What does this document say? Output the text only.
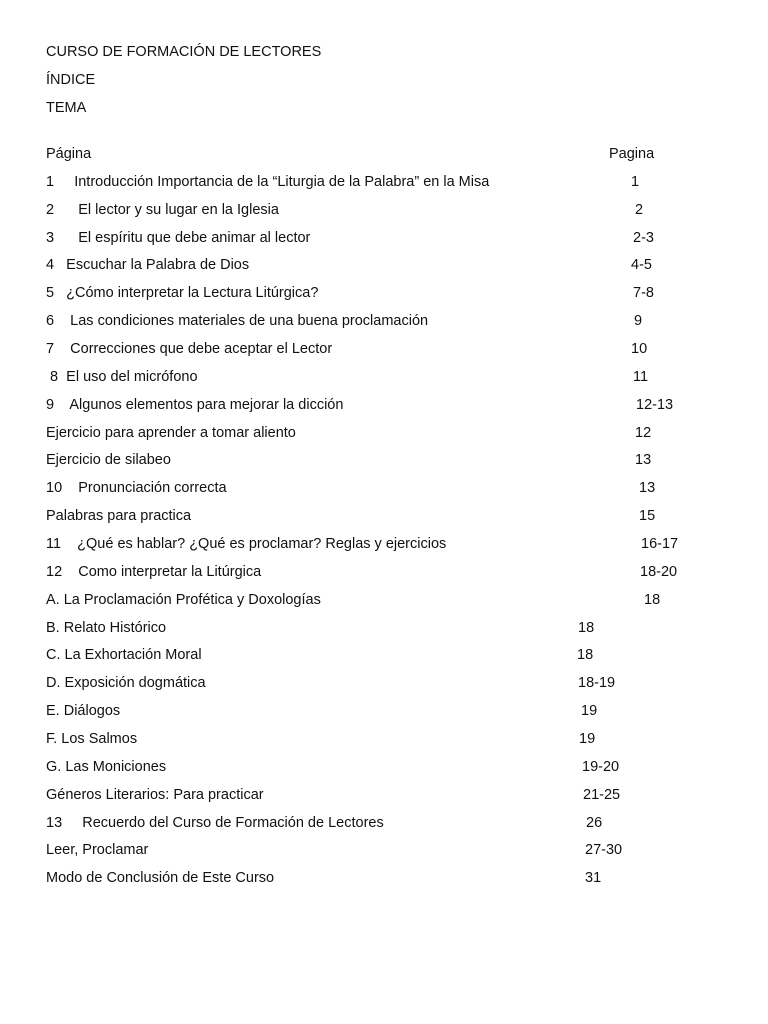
CURSO DE FORMACIÓN DE LECTORES
ÍNDICE
TEMA
Página	Pagina
1     Introducción Importancia de la “Liturgia de la Palabra” en la Misa	1
2      El lector y su lugar en la Iglesia	2
3      El espíritu que debe animar al lector	2-3
4   Escuchar la Palabra de Dios	4-5
5   ¿Cómo interpretar la Lectura Litúrgica?	7-8
6    Las condiciones materiales de una buena proclamación	9
7    Correcciones que debe aceptar el Lector	10
8  El uso del micrófono	11
9    Algunos elementos para mejorar la dicción	12-13
Ejercicio para aprender a tomar aliento	12
Ejercicio de silabeo	13
10    Pronunciación correcta	13
Palabras para practica	15
11    ¿Qué es hablar? ¿Qué es proclamar? Reglas y ejercicios	16-17
12    Como interpretar la Litúrgica	18-20
A. La Proclamación Profética y Doxologías	18
B. Relato Histórico	18
C. La Exhortación Moral	18
D. Exposición dogmática	18-19
E. Diálogos	19
F. Los Salmos	19
G. Las Moniciones	19-20
Géneros Literarios: Para practicar	21-25
13     Recuerdo del Curso de Formación de Lectores	26
Leer, Proclamar	27-30
Modo de Conclusión de Este Curso	31
